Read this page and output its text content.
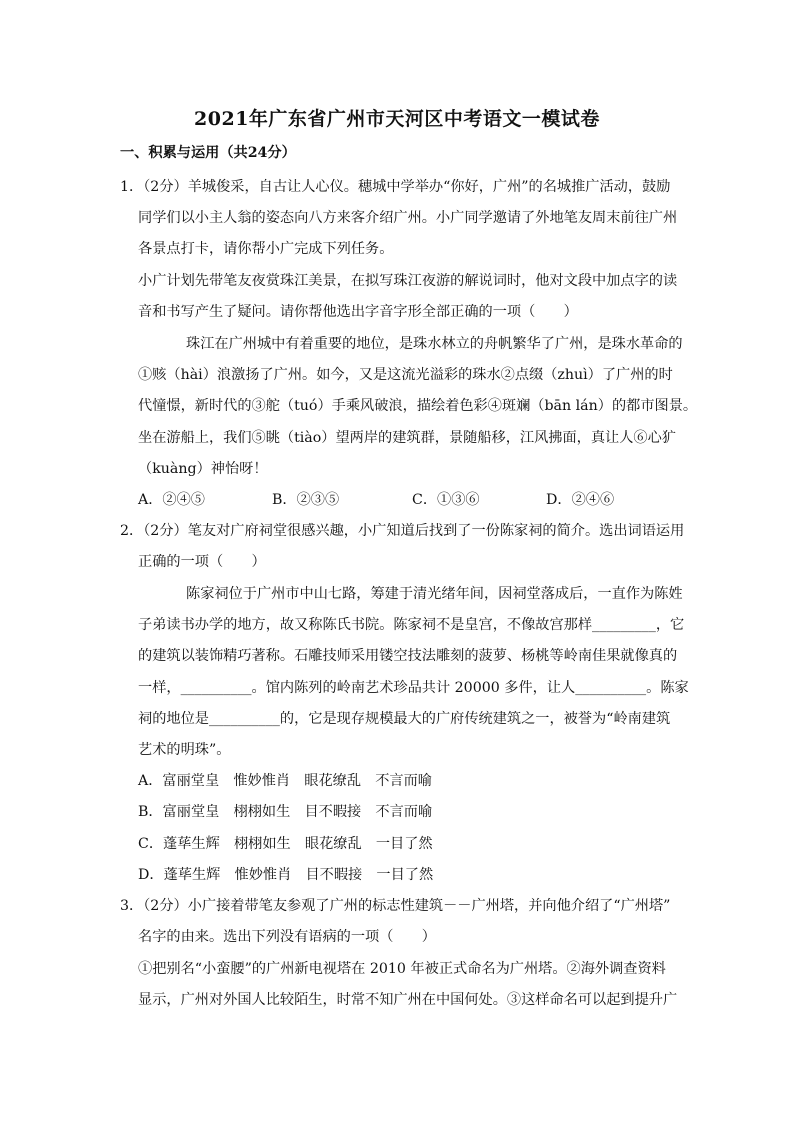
2021年广东省广州市天河区中考语文一模试卷
一、积累与运用（共24分）
1．（2分）羊城俊采，自古让人心仪。穗城中学举办“你好，广州”的名城推广活动，鼓励
同学们以小主人翁的姿态向八方来客介绍广州。小广同学邀请了外地笔友周末前往广州
各景点打卡，请你帮小广完成下列任务。
小广计划先带笔友夜赏珠江美景，在拟写珠江夜游的解说词时，他对文段中加点字的读
音和书写产生了疑问。请你帮他选出字音字形全部正确的一项（　　）
珠江在广州城中有着重要的地位，是珠水林立的舟帆繁华了广州，是珠水革命的
①赅（hài）浪激扬了广州。如今，又是这流光溢彩的珠水②点缀（zhuì）了广州的时
代憧憬，新时代的③舵（tuó）手乘风破浪，描绘着色彩④斑斓（bān lán）的都市图景。
坐在游船上，我们⑤眺（tiào）望两岸的建筑群，景随船移，江风拂面，真让人⑥心犷
（kuàng）神怡呀！
A．②④⑤	B．②③⑤	C．①③⑥	D．②④⑥
2．（2分）笔友对广府祠堂很感兴趣，小广知道后找到了一份陈家祠的简介。选出词语运用
正确的一项（　　）
陈家祠位于广州市中山七路，筹建于清光绪年间，因祠堂落成后，一直作为陈姓
子弟读书办学的地方，故又称陈氏书院。陈家祠不是皇宫，不像故宫那样_________，它
的建筑以装饰精巧著称。石雕技师采用镂空技法雕刻的菠萝、杨桃等岭南佳果就像真的
一样，__________。馆内陈列的岭南艺术珍品共计 20000 多件，让人__________。陈家
祠的地位是__________的，它是现存规模最大的广府传统建筑之一，被誉为“岭南建筑
艺术的明珠”。
A．富丽堂皇　惟妙惟肖　眼花缭乱　不言而喻
B．富丽堂皇　栩栩如生　目不暇接　不言而喻
C．蓬荜生辉　栩栩如生　眼花缭乱　一目了然
D．蓬荜生辉　惟妙惟肖　目不暇接　一目了然
3．（2分）小广接着带笔友参观了广州的标志性建筑－－广州塔，并向他介绍了“广州塔”
名字的由来。选出下列没有语病的一项（　　）
①把别名“小蛮腰”的广州新电视塔在 2010 年被正式命名为广州塔。②海外调查资料
显示，广州对外国人比较陌生，时常不知广州在中国何处。③这样命名可以起到提升广
